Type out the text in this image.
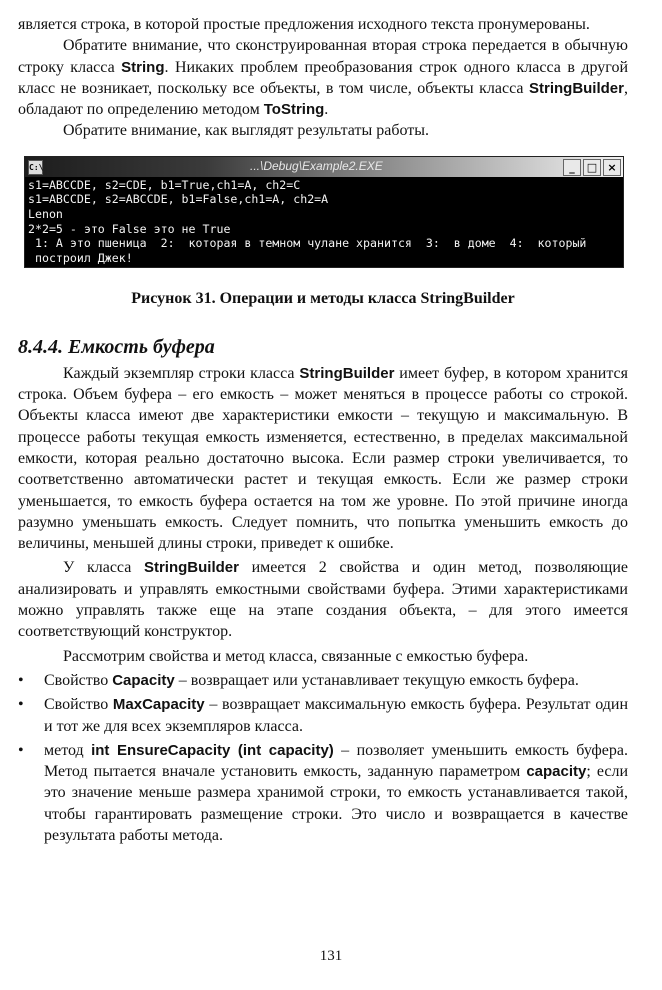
является строка, в которой простые предложения исходного текста пронумерованы.

Обратите внимание, что сконструированная вторая строка передается в обычную строку класса String. Никаких проблем преобразования строк одного класса в другой класс не возникает, поскольку все объекты, в том числе, объекты класса StringBuilder, обладают по определению методом ToString.

Обратите внимание, как выглядят результаты работы.

C:\	...\Debug\Example2.EXE	_	□ ×
s1=ABCCDE, s2=CDE, b1=True,ch1=A, ch2=C
s1=ABCCDE, s2=ABCCDE, b1=False,ch1=A, ch2=A
Lenon
2*2=5 - это False это не True
1: А это пшеница  2:  которая в темном чулане хранится  3:  в доме  4:  который
построил Джек!
Рисунок 31. Операции и методы класса StringBuilder
8.4.4. Емкость буфера

Каждый экземпляр строки класса StringBuilder имеет буфер, в котором хранится строка. Объем буфера – его емкость – может меняться в процессе работы со строкой. Объекты класса имеют две характеристики емкости – текущую и максимальную. В процессе работы текущая емкость изменяется, естественно, в пределах максимальной емкости, которая реально достаточно высока. Если размер строки увеличивается, то соответственно автоматически растет и текущая емкость. Если же размер строки уменьшается, то емкость буфера остается на том же уровне. По этой причине иногда разумно уменьшать емкость. Следует помнить, что попытка уменьшить емкость до величины, меньшей длины строки, приведет к ошибке.

У класса StringBuilder имеется 2 свойства и один метод, позволяющие анализировать и управлять емкостными свойствами буфера. Этими характеристиками можно управлять также еще на этапе создания объекта, – для этого имеется соответствующий конструктор.

Рассмотрим свойства и метод класса, связанные с емкостью буфера.

• Свойство Capacity – возвращает или устанавливает текущую емкость буфера.
• Свойство MaxCapacity – возвращает максимальную емкость буфера. Результат один и тот же для всех экземпляров класса.
• метод int EnsureCapacity (int capacity) – позволяет уменьшить емкость буфера. Метод пытается вначале установить емкость, заданную параметром capacity; если это значение меньше размера хранимой строки, то емкость устанавливается такой, чтобы гарантировать размещение строки. Это число и возвращается в качестве результата работы метода.
131
